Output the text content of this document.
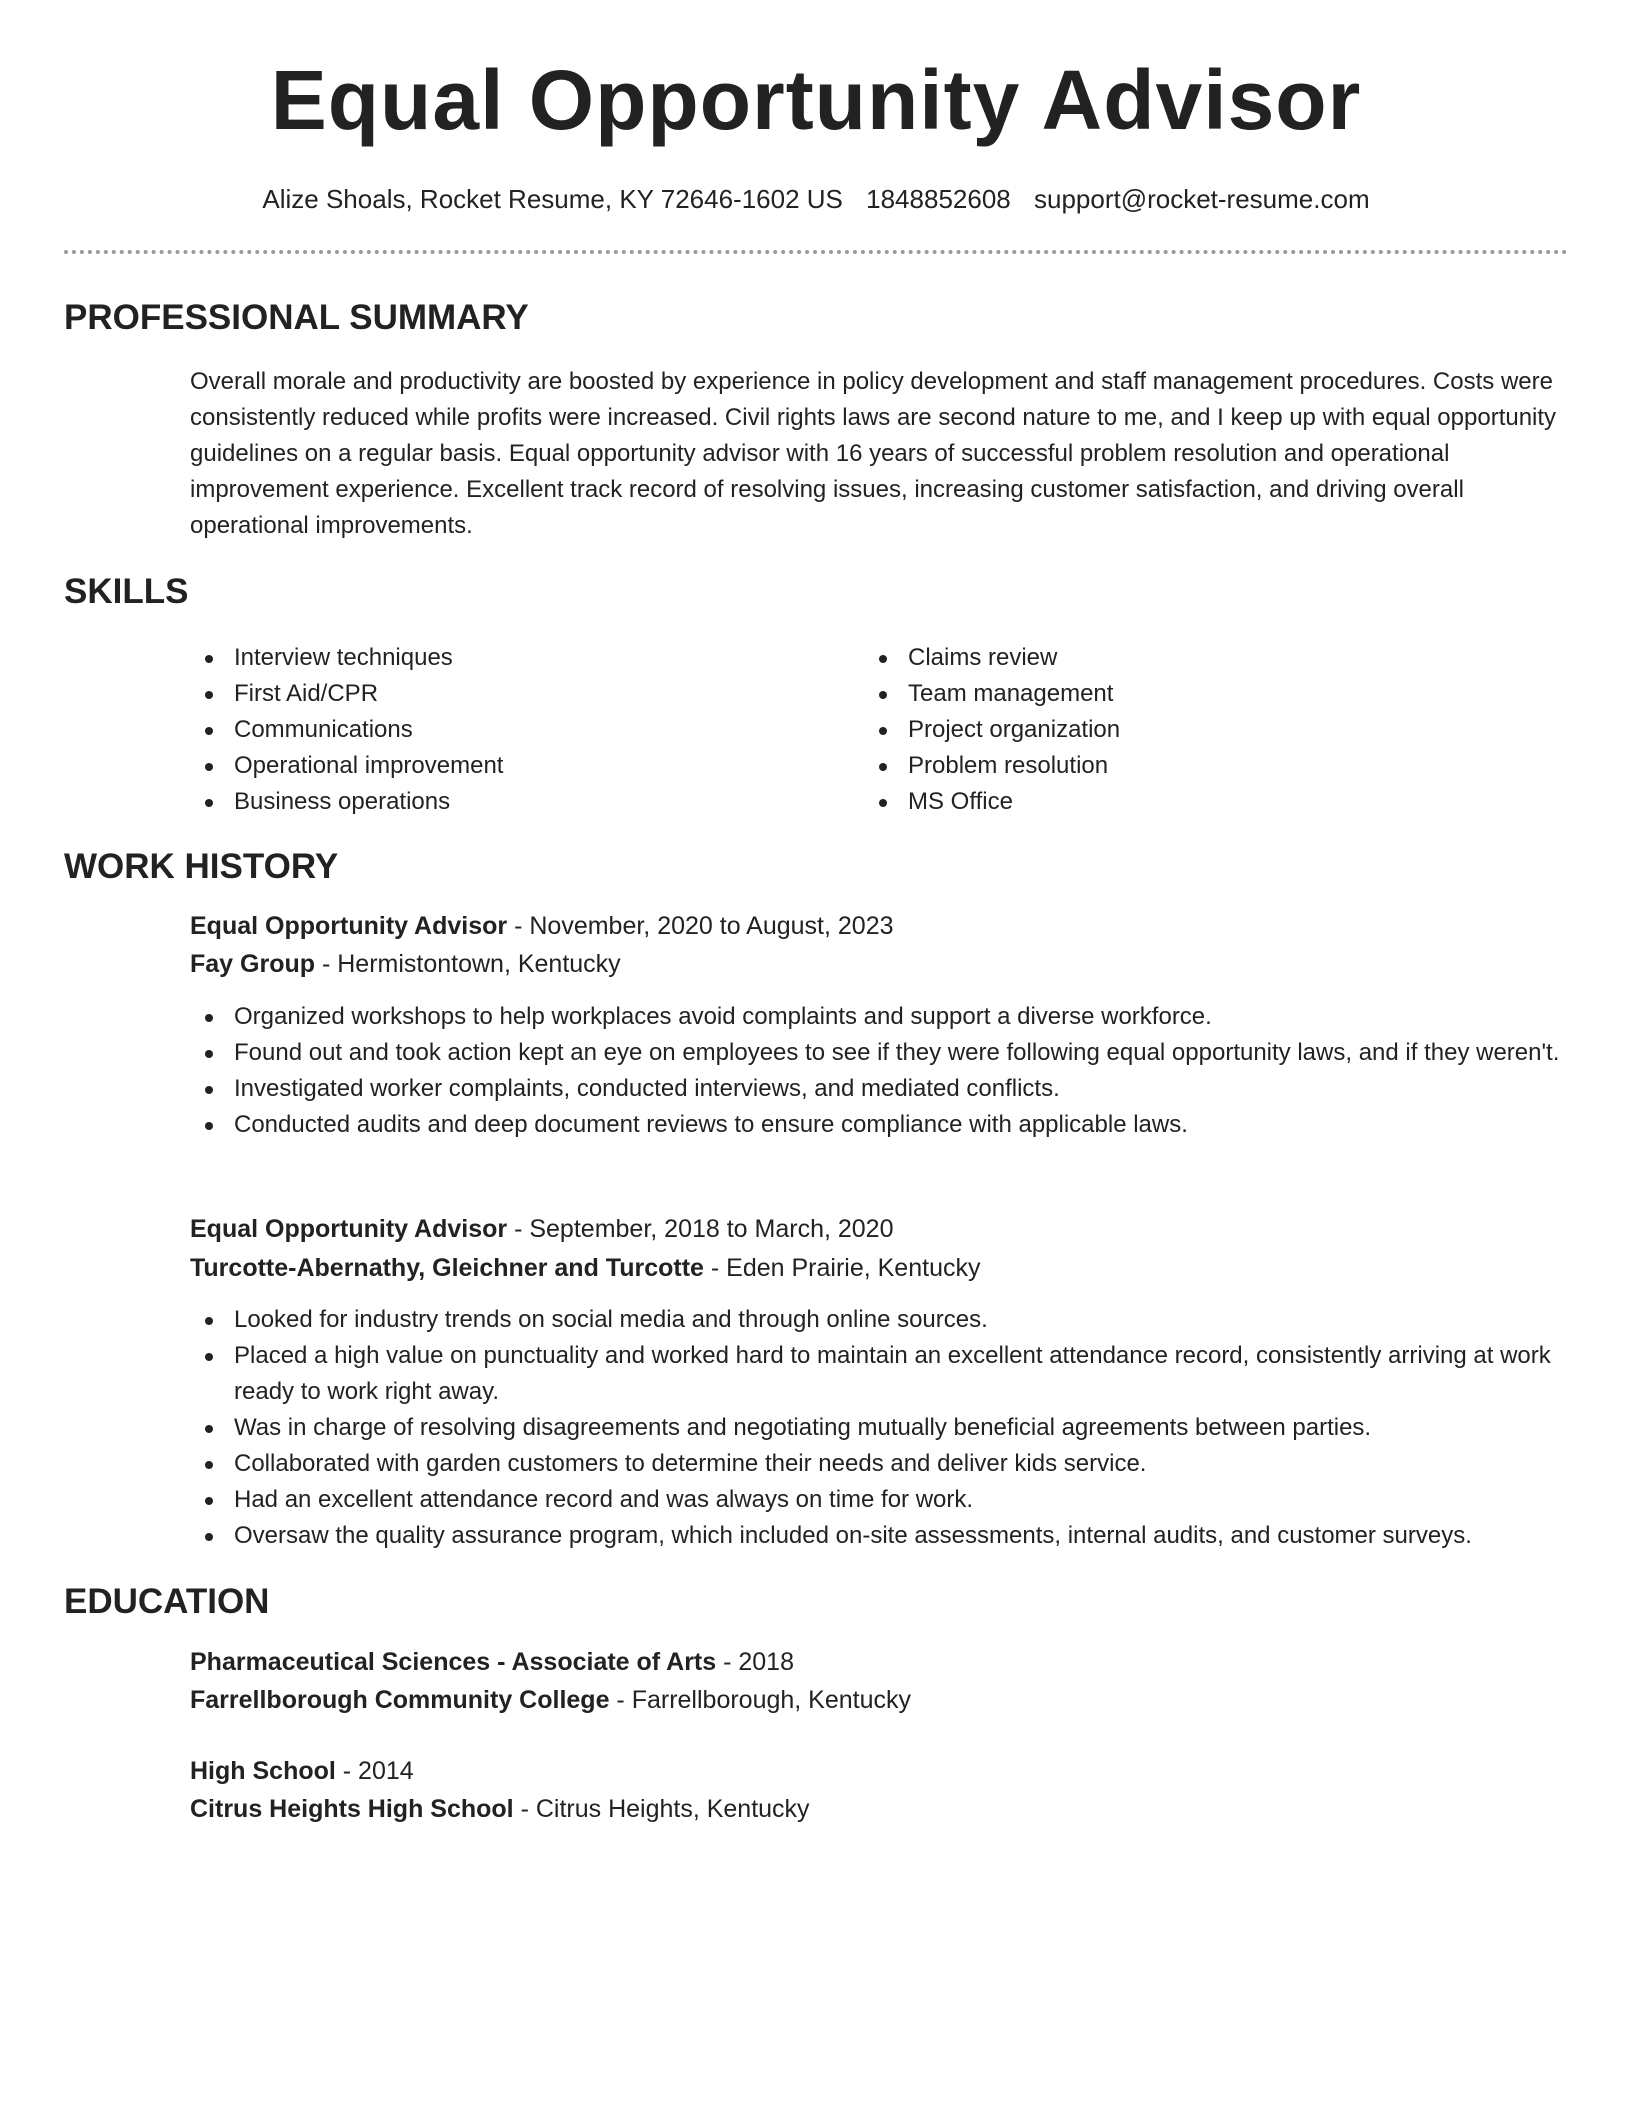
Equal Opportunity Advisor
Alize Shoals, Rocket Resume, KY 72646-1602 US 1848852608 support@rocket-resume.com
PROFESSIONAL SUMMARY

Overall morale and productivity are boosted by experience in policy development and staff management procedures. Costs were consistently reduced while profits were increased. Civil rights laws are second nature to me, and I keep up with equal opportunity guidelines on a regular basis. Equal opportunity advisor with 16 years of successful problem resolution and operational improvement experience. Excellent track record of resolving issues, increasing customer satisfaction, and driving overall operational improvements.

SKILLS
Interview techniques
First Aid/CPR
Communications
Operational improvement
Business operations
Claims review
Team management
Project organization
Problem resolution
MS Office
WORK HISTORY
Equal Opportunity Advisor - November, 2020 to August, 2023
Fay Group - Hermistontown, Kentucky
Organized workshops to help workplaces avoid complaints and support a diverse workforce.
Found out and took action kept an eye on employees to see if they were following equal opportunity laws, and if they weren't.
Investigated worker complaints, conducted interviews, and mediated conflicts.
Conducted audits and deep document reviews to ensure compliance with applicable laws.
Equal Opportunity Advisor - September, 2018 to March, 2020
Turcotte-Abernathy, Gleichner and Turcotte - Eden Prairie, Kentucky
Looked for industry trends on social media and through online sources.
Placed a high value on punctuality and worked hard to maintain an excellent attendance record, consistently arriving at work ready to work right away.
Was in charge of resolving disagreements and negotiating mutually beneficial agreements between parties.
Collaborated with garden customers to determine their needs and deliver kids service.
Had an excellent attendance record and was always on time for work.
Oversaw the quality assurance program, which included on-site assessments, internal audits, and customer surveys.
EDUCATION
Pharmaceutical Sciences - Associate of Arts - 2018
Farrellborough Community College - Farrellborough, Kentucky
High School - 2014
Citrus Heights High School - Citrus Heights, Kentucky
